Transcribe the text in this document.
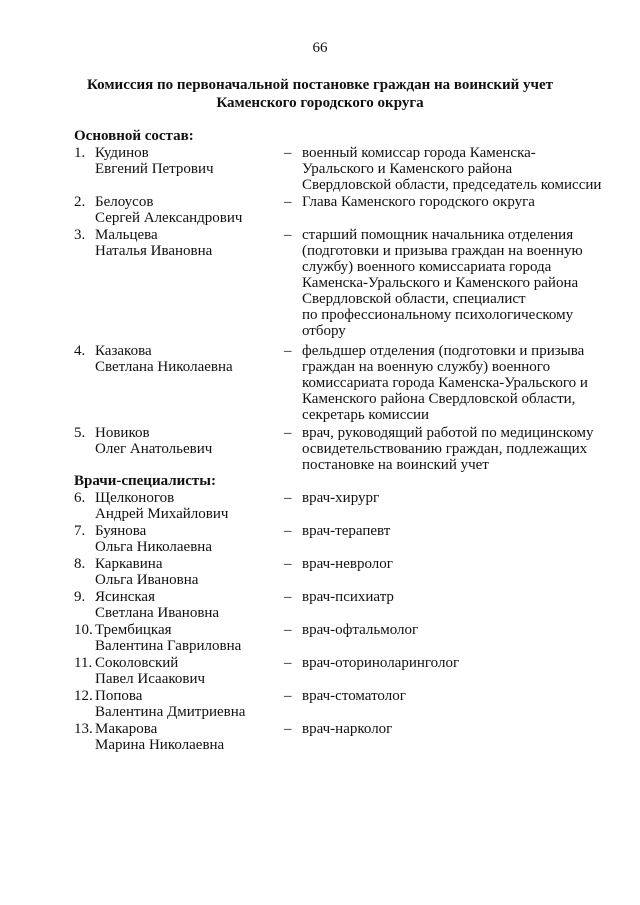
66
Комиссия по первоначальной постановке граждан на воинский учет
Каменского городского округа
Основной состав:
1. Кудинов
Евгений Петрович
– военный комиссар города Каменска-
Уральского и Каменского района
Свердловской области, председатель комиссии
2. Белоусов
Сергей Александрович
– Глава Каменского городского округа
3. Мальцева
Наталья Ивановна
– старший помощник начальника отделения
(подготовки и призыва граждан на военную
службу) военного комиссариата города
Каменска-Уральского и Каменского района
Свердловской области, специалист
по профессиональному психологическому
отбору
4. Казакова
Светлана Николаевна
– фельдшер отделения (подготовки и призыва
граждан на военную службу) военного
комиссариата города Каменска-Уральского и
Каменского района Свердловской области,
секретарь комиссии
5. Новиков
Олег Анатольевич
– врач, руководящий работой по медицинскому
освидетельствованию граждан, подлежащих
постановке на воинский учет
Врачи-специалисты:
6. Щелконогов
Андрей Михайлович
– врач-хирург
7. Буянова
Ольга Николаевна
– врач-терапевт
8. Каркавина
Ольга Ивановна
– врач-невролог
9. Ясинская
Светлана Ивановна
– врач-психиатр
10. Трембицкая
Валентина Гавриловна
– врач-офтальмолог
11. Соколовский
Павел Исаакович
– врач-оториноларинголог
12. Попова
Валентина Дмитриевна
– врач-стоматолог
13. Макарова
Марина Николаевна
– врач-нарколог
